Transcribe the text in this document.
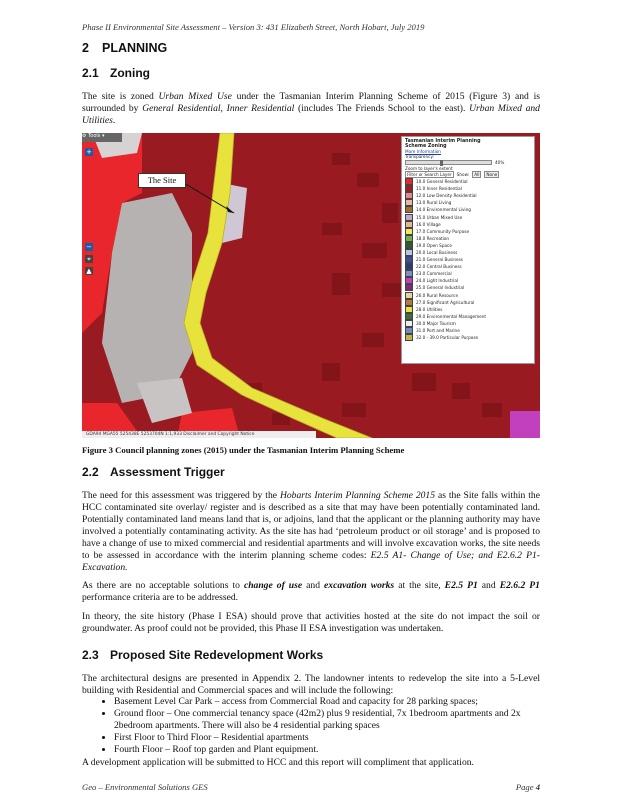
Phase II Environmental Site Assessment – Version 3: 431 Elizabeth Street, North Hobart, July 2019
2 PLANNING
2.1 Zoning
The site is zoned Urban Mixed Use under the Tasmanian Interim Planning Scheme of 2015 (Figure 3) and is surrounded by General Residential, Inner Residential (includes The Friends School to the east). Urban Mixed and Utilities.
⚙ Tools ▾
+
−
⌖
▲
The Site
Tasmanian Interim Planning
Scheme Zoning
More Information
Transparency:
40%
Zoom to layer's extent
Filter or Search Layer	Show:	All	None
10.0 General Residential
11.0 Inner Residential
12.0 Low Density Residential
13.0 Rural Living
14.0 Environmental Living
15.0 Urban Mixed Use
16.0 Village
17.0 Community Purpose
18.0 Recreation
19.0 Open Space
20.0 Local Business
21.0 General Business
22.0 Central Business
23.0 Commercial
24.0 Light Industrial
25.0 General Industrial
26.0 Rural Resource
27.0 Significant Agricultural
28.0 Utilities
29.0 Environmental Management
30.0 Major Tourism
31.0 Port and Marine
32.0 - 39.0 Particular Purpose
GDA94 MGA55 525438E 5253704N 1:1,933 Disclaimer and Copyright Notice
Figure 3 Council planning zones (2015) under the Tasmanian Interim Planning Scheme
2.2 Assessment Trigger
The need for this assessment was triggered by the Hobarts Interim Planning Scheme 2015 as the Site falls within the HCC contaminated site overlay/ register and is described as a site that may have been potentially contaminated land. Potentially contaminated land means land that is, or adjoins, land that the applicant or the planning authority may have involved a potentially contaminating activity. As the site has had ‘petroleum product or oil storage’ and is proposed to have a change of use to mixed commercial and residential apartments and will involve excavation works, the site needs to be assessed in accordance with the interim planning scheme codes: E2.5 A1- Change of Use; and E2.6.2 P1- Excavation.
As there are no acceptable solutions to change of use and excavation works at the site, E2.5 P1 and E2.6.2 P1 performance criteria are to be addressed.
In theory, the site history (Phase I ESA) should prove that activities hosted at the site do not impact the soil or groundwater. As proof could not be provided, this Phase II ESA investigation was undertaken.
2.3 Proposed Site Redevelopment Works
The architectural designs are presented in Appendix 2. The landowner intents to redevelop the site into a 5-Level building with Residential and Commercial spaces and will include the following:
• Basement Level Car Park – access from Commercial Road and capacity for 28 parking spaces;
• Ground floor – One commercial tenancy space (42m2) plus 9 residential, 7x 1bedroom apartments and 2x 2bedroom apartments. There will also be 4 residential parking spaces
• First Floor to Third Floor – Residential apartments
• Fourth Floor – Roof top garden and Plant equipment.
A development application will be submitted to HCC and this report will compliment that application.
Geo – Environmental Solutions GES	Page 4
